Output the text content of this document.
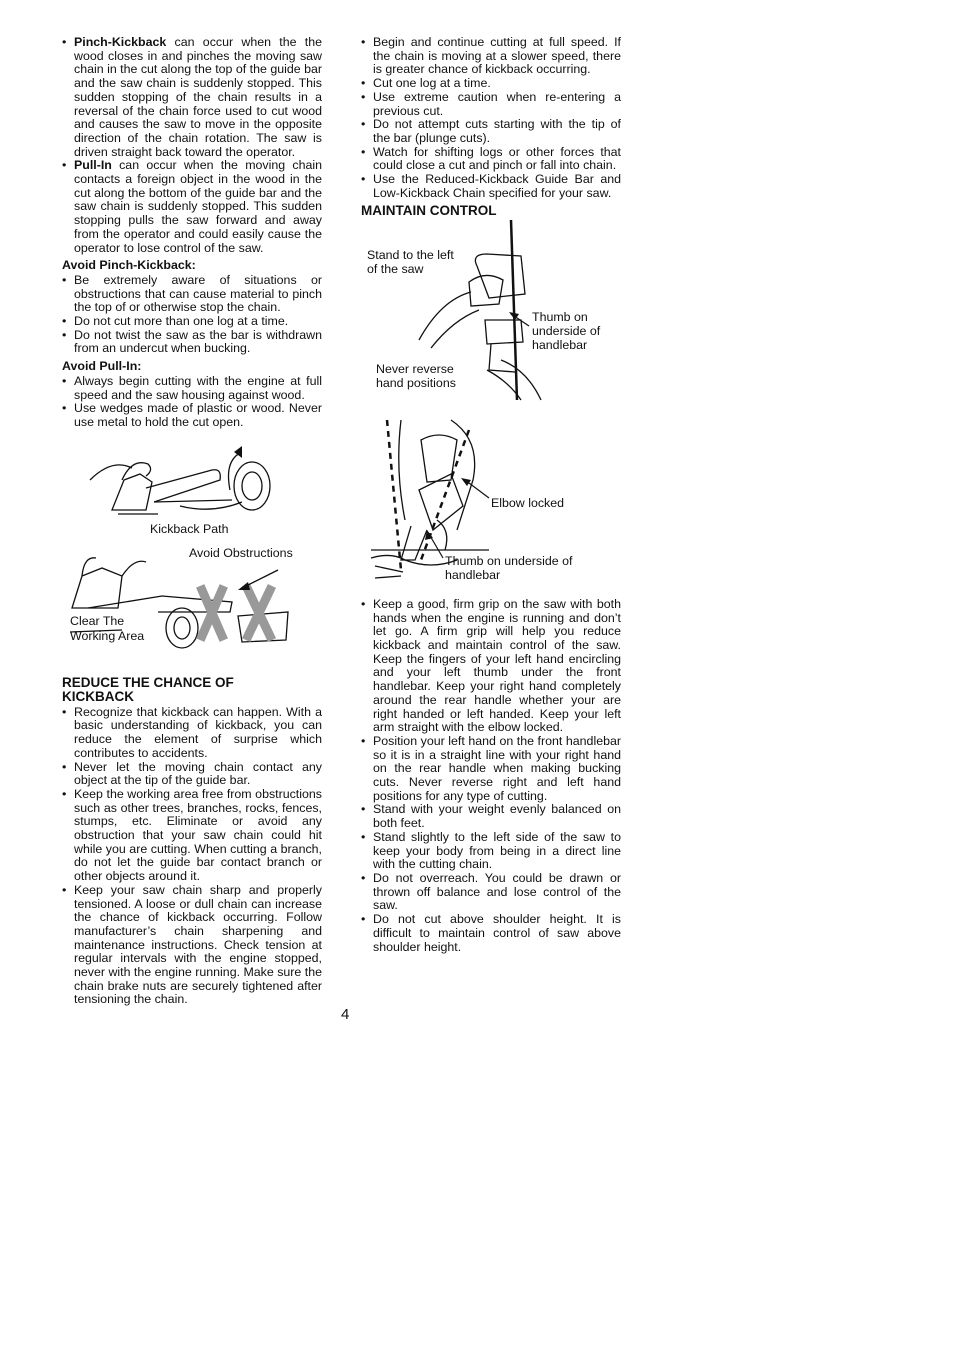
• Pinch-Kickback can occur when the the wood closes in and pinches the moving saw chain in the cut along the top of the guide bar and the saw chain is suddenly stopped. This sudden stopping of the chain results in a reversal of the chain force used to cut wood and causes the saw to move in the opposite direction of the chain rotation. The saw is driven straight back toward the operator.
• Pull-In can occur when the moving chain contacts a foreign object in the wood in the cut along the bottom of the guide bar and the saw chain is suddenly stopped. This sudden stopping pulls the saw forward and away from the operator and could easily cause the operator to lose control of the saw.
Avoid Pinch-Kickback:
• Be extremely aware of situations or obstructions that can cause material to pinch the top of or otherwise stop the chain.
• Do not cut more than one log at a time.
• Do not twist the saw as the bar is withdrawn from an undercut when bucking.
Avoid Pull-In:
• Always begin cutting with the engine at full speed and the saw housing against wood.
• Use wedges made of plastic or wood. Never use metal to hold the cut open.
Kickback Path
Avoid Obstructions
Clear The
Working Area
REDUCE THE CHANCE OF
KICKBACK
• Recognize that kickback can happen. With a basic understanding of kickback, you can reduce the element of surprise which contributes to accidents.
• Never let the moving chain contact any object at the tip of the guide bar.
• Keep the working area free from obstructions such as other trees, branches, rocks, fences, stumps, etc. Eliminate or avoid any obstruction that your saw chain could hit while you are cutting. When cutting a branch, do not let the guide bar contact branch or other objects around it.
• Keep your saw chain sharp and properly tensioned. A loose or dull chain can increase the chance of kickback occurring. Follow manufacturer’s chain sharpening and maintenance instructions. Check tension at regular intervals with the engine stopped, never with the engine running. Make sure the chain brake nuts are securely tightened after tensioning the chain.
• Begin and continue cutting at full speed. If the chain is moving at a slower speed, there is greater chance of kickback occurring.
• Cut one log at a time.
• Use extreme caution when re-entering a previous cut.
• Do not attempt cuts starting with the tip of the bar (plunge cuts).
• Watch for shifting logs or other forces that could close a cut and pinch or fall into chain.
• Use the Reduced-Kickback Guide Bar and Low-Kickback Chain specified for your saw.
MAINTAIN CONTROL
Stand to the left
of the saw
Thumb on
underside of
handlebar
Never reverse
hand positions
Elbow locked
Thumb on underside of
handlebar
• Keep a good, firm grip on the saw with both hands when the engine is running and don’t let go. A firm grip will help you reduce kickback and maintain control of the saw. Keep the fingers of your left hand encircling and your left thumb under the front handlebar. Keep your right hand completely around the rear handle whether your are right handed or left handed. Keep your left arm straight with the elbow locked.
• Position your left hand on the front handlebar so it is in a straight line with your right hand on the rear handle when making bucking cuts. Never reverse right and left hand positions for any type of cutting.
• Stand with your weight evenly balanced on both feet.
• Stand slightly to the left side of the saw to keep your body from being in a direct line with the cutting chain.
• Do not overreach. You could be drawn or thrown off balance and lose control of the saw.
• Do not cut above shoulder height. It is difficult to maintain control of saw above shoulder height.
4
